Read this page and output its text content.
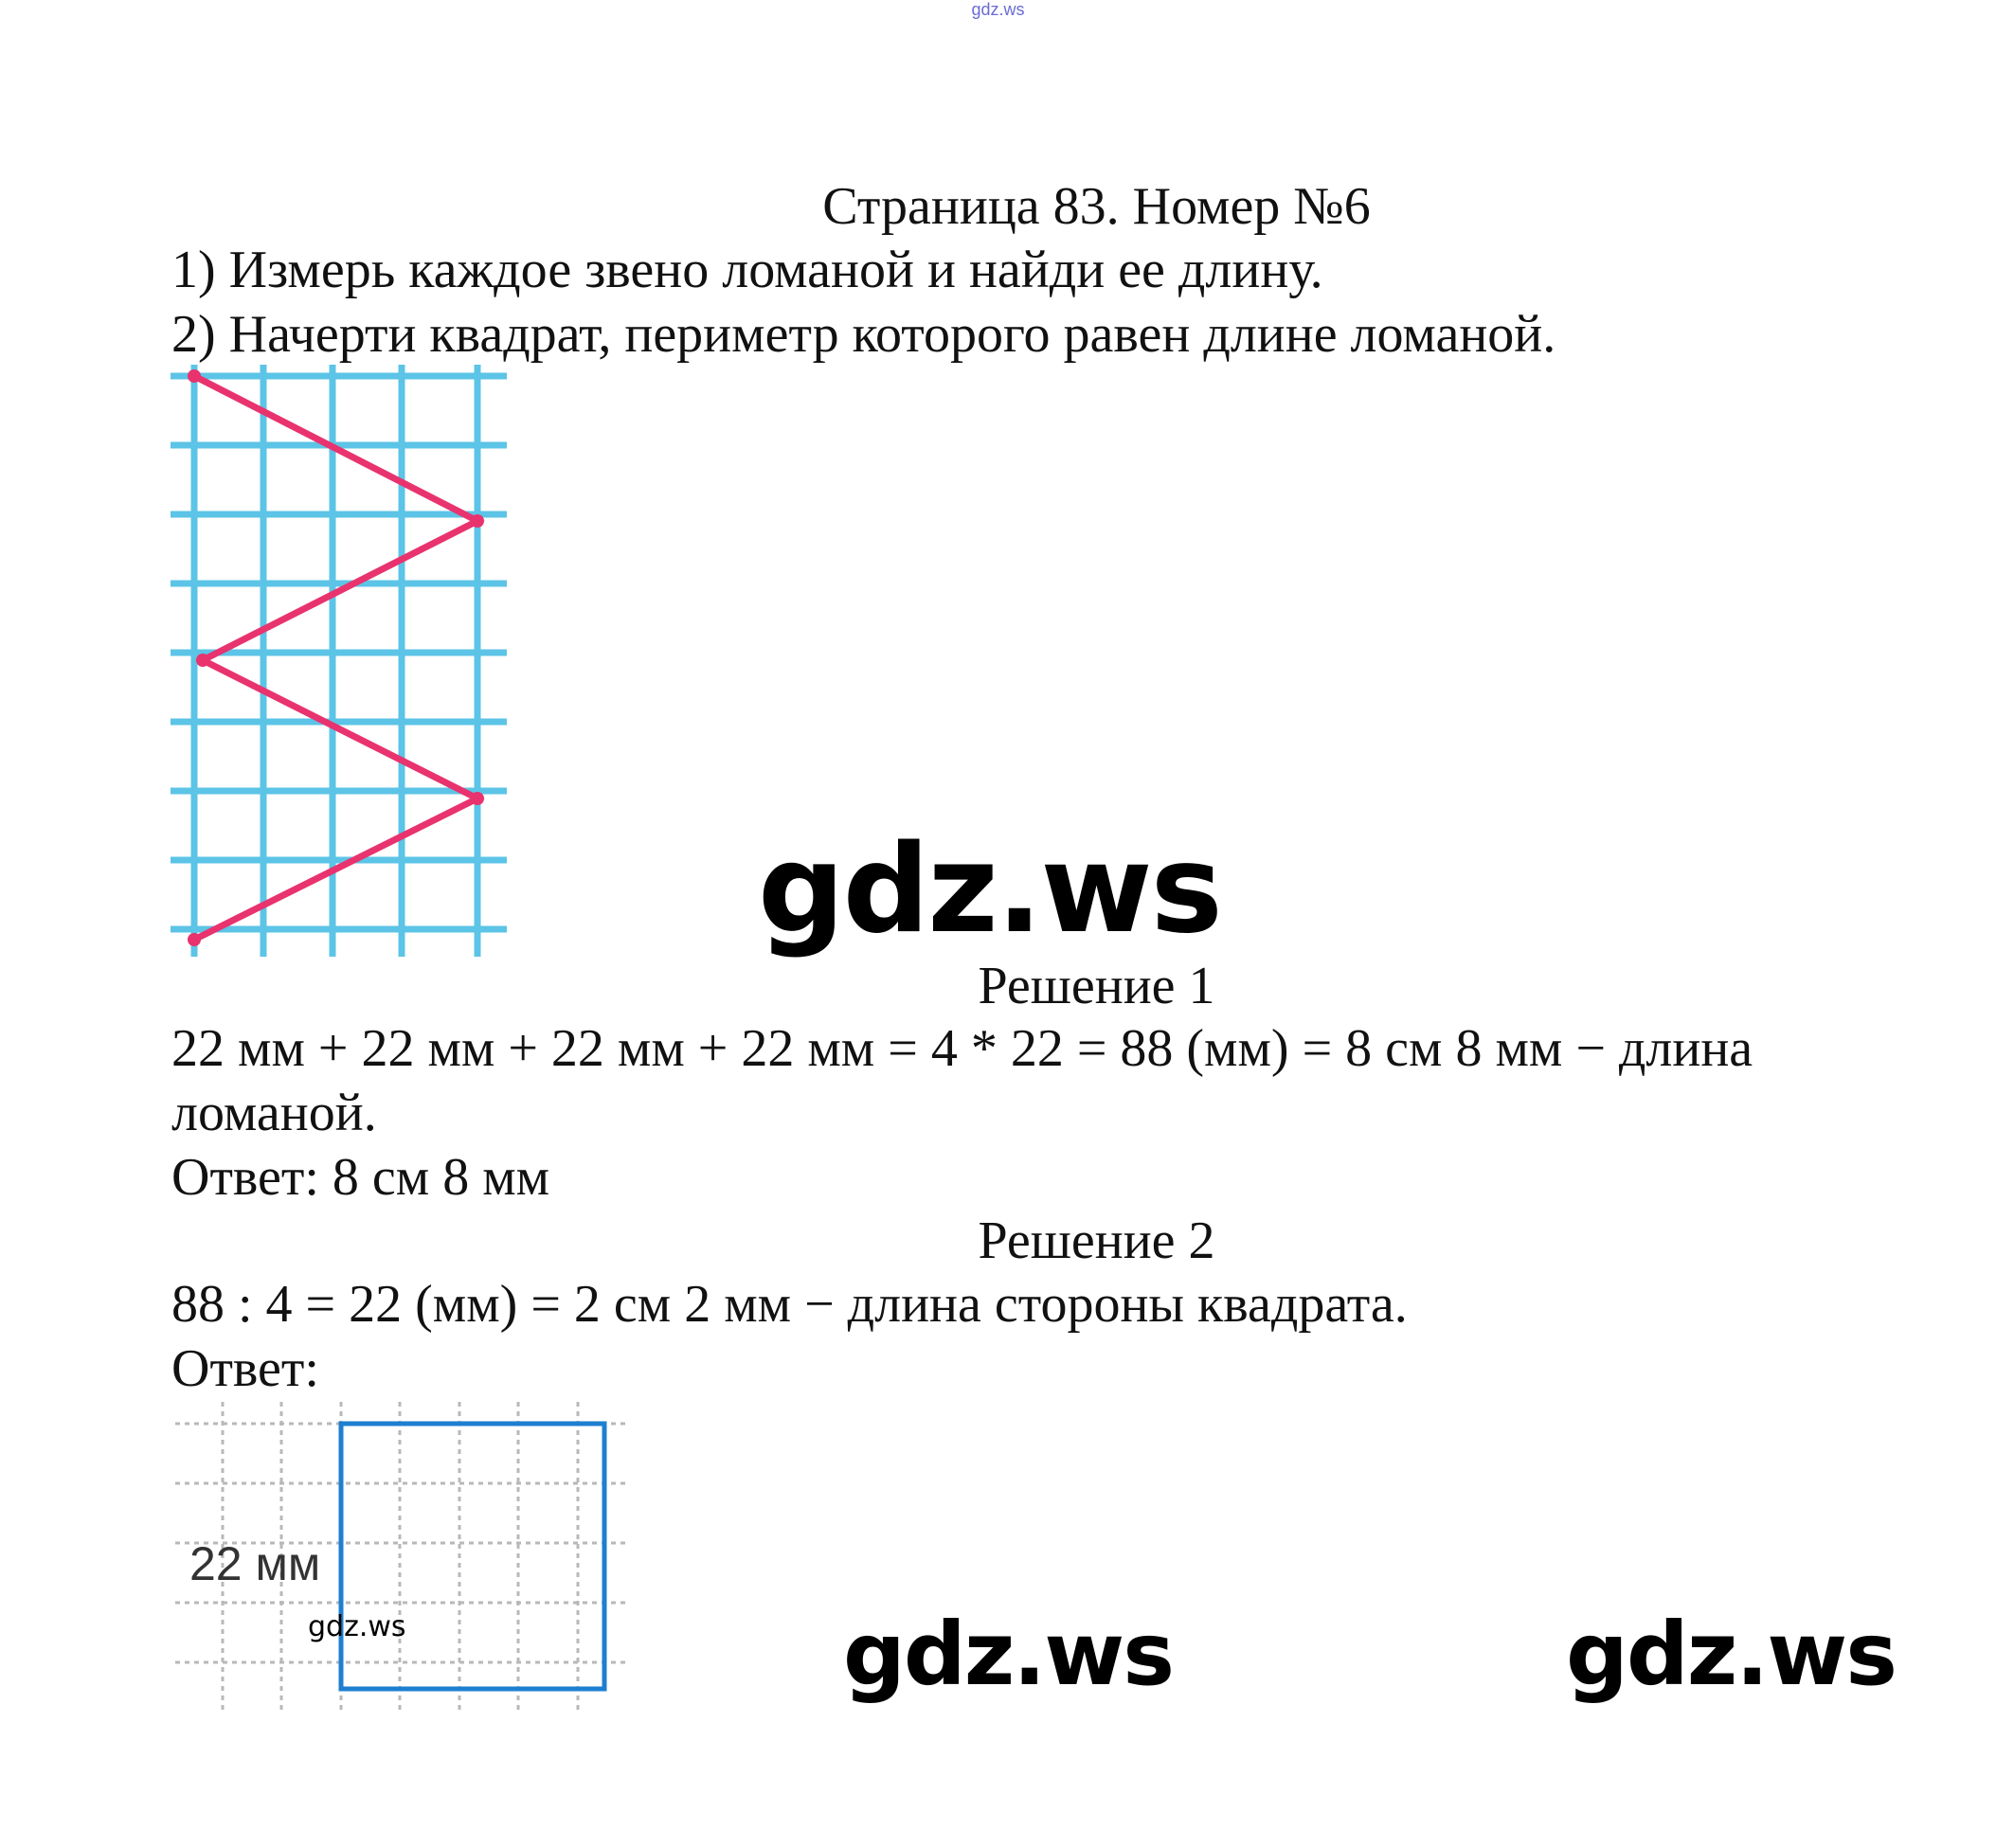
gdz.ws
Страница 83. Номер №6
1) Измерь каждое звено ломаной и найди ее длину.
2) Начерти квадрат, периметр которого равен длине ломаной.
gdz.ws
Решение 1
22 мм + 22 мм + 22 мм + 22 мм = 4 * 22 = 88 (мм) = 8 см 8 мм − длина
ломаной.
Ответ: 8 см 8 мм
Решение 2
88 : 4 = 22 (мм) = 2 см 2 мм − длина стороны квадрата.
Ответ:
22 мм
gdz.ws	gdz.ws	gdz.ws
